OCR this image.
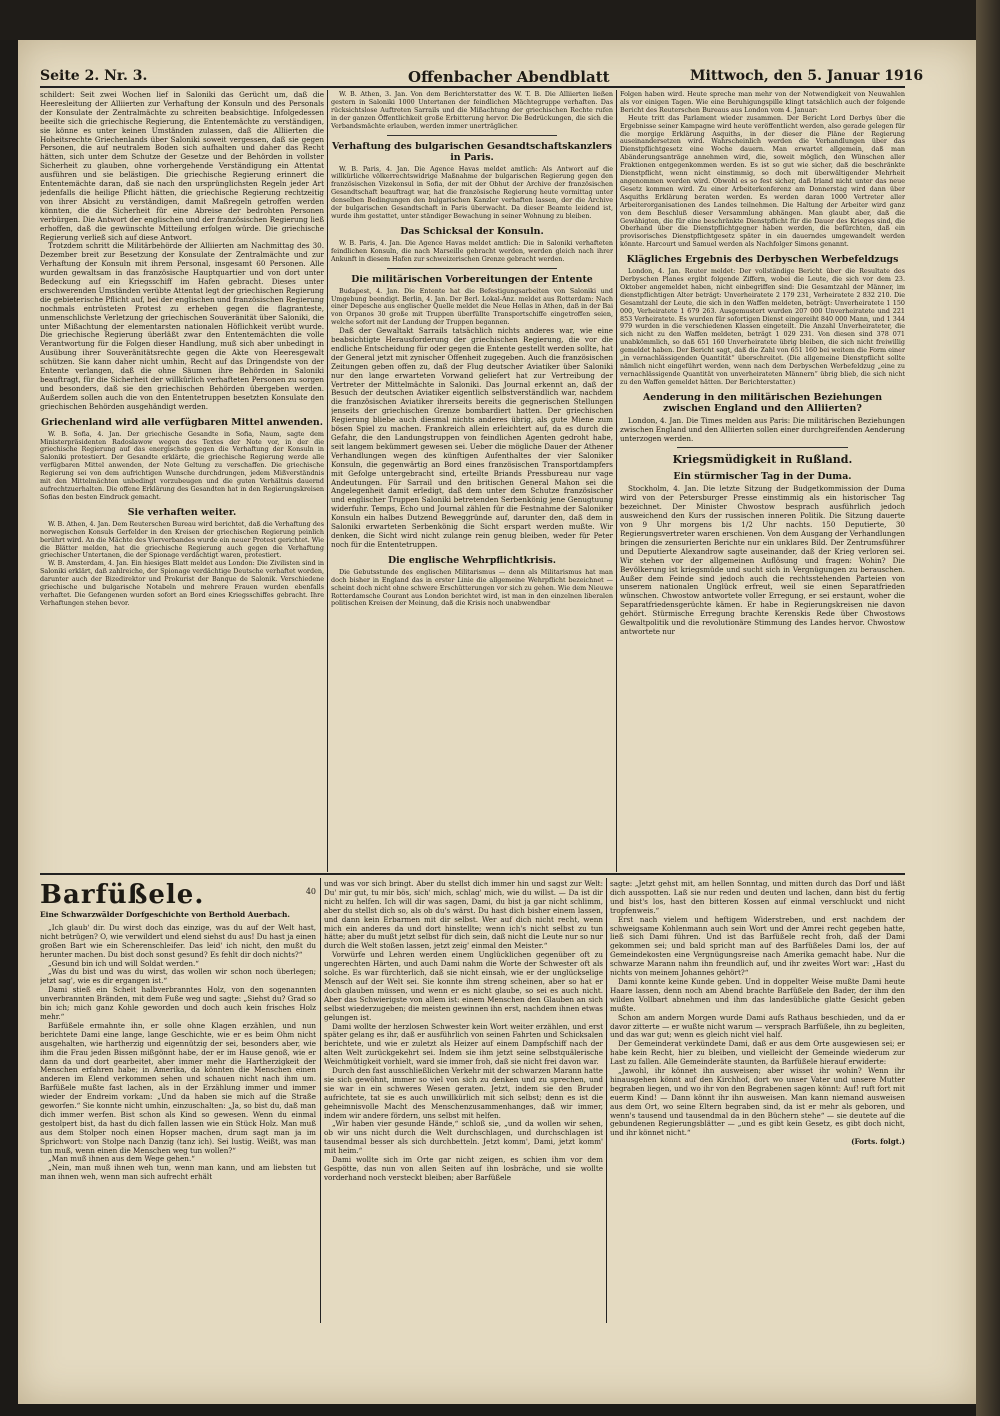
Seite 2. Nr. 3.	Offenbacher Abendblatt	Mittwoch, den 5. Januar 1916

schildert: Seit zwei Wochen lief in Saloniki das Gerücht um, daß die Heeresleitung der Alliierten zur Verhaftung der Konsuln und des Personals der Konsulate der Zentralmächte zu schreiten beabsichtige. Infolgedessen beeilte sich die griechische Regierung, die Ententemächte zu verständigen, sie könne es unter keinen Umständen zulassen, daß die Alliierten die Hoheitsrechte Griechenlands über Saloniki soweit vergessen, daß sie gegen Personen, die auf neutralem Boden sich aufhalten und daher das Recht hätten, sich unter dem Schutze der Gesetze und der Behörden in vollster Sicherheit zu glauben, ohne vorhergehende Verständigung ein Attentat ausführen und sie belästigen. Die griechische Regierung erinnert die Ententemächte daran, daß sie nach den ursprünglichsten Regeln jeder Art jedenfalls die heilige Pflicht hätten, die griechische Regierung rechtzeitig von ihrer Absicht zu verständigen, damit Maßregeln getroffen werden könnten, die die Sicherheit für eine Abreise der bedrohten Personen verbürgen. Die Antwort der englischen und der französischen Regierung ließ erhoffen, daß die gewünschte Mitteilung erfolgen würde. Die griechische Regierung verließ sich auf diese Antwort.

Trotzdem schritt die Militärbehörde der Alliierten am Nachmittag des 30. Dezember breit zur Besetzung der Konsulate der Zentralmächte und zur Verhaftung der Konsuln mit ihrem Personal, insgesamt 60 Personen. Alle wurden gewaltsam in das französische Hauptquartier und von dort unter Bedeckung auf ein Kriegsschiff im Hafen gebracht. Dieses unter erschwerenden Umständen verübte Attentat legt der griechischen Regierung die gebieterische Pflicht auf, bei der englischen und französischen Regierung nochmals entrüsteten Protest zu erheben gegen die flagranteste, unmenschlichste Verletzung der griechischen Souveränität über Saloniki, die unter Mißachtung der elementarsten nationalen Höflichkeit verübt wurde. Die griechische Regierung überläßt zwar den Ententemächten die volle Verantwortung für die Folgen dieser Handlung, muß sich aber unbedingt in Ausübung ihrer Souveränitätsrechte gegen die Akte von Heeresgewalt schützen. Sie kann daher nicht umhin, Recht auf das Dringendste von der Entente verlangen, daß die ohne Säumen ihre Behörden in Saloniki beauftragt, für die Sicherheit der willkürlich verhafteten Personen zu sorgen und besonders, daß sie den griechischen Behörden übergeben werden. Außerdem sollen auch die von den Ententetruppen besetzten Konsulate den griechischen Behörden ausgehändigt werden.

Griechenland wird alle verfügbaren Mittel anwenden.

W. B. Sofia, 4. Jan. Der griechische Gesandte in Sofia, Naum, sagte dem Ministerpräsidenten Radoslawow wegen des Textes der Note vor, in der die griechische Regierung auf das energischste gegen die Verhaftung der Konsuln in Saloniki protestiert. Der Gesandte erklärte, die griechische Regierung werde alle verfügbaren Mittel anwenden, der Note Geltung zu verschaffen. Die griechische Regierung sei von dem aufrichtigen Wunsche durchdrungen, jedem Mißverständnis mit den Mittelmächten unbedingt vorzubeugen und die guten Verhältnis dauernd aufrechtzuerhalten. Die offene Erklärung des Gesandten hat in den Regierungskreisen Sofias den besten Eindruck gemacht.

Sie verhaften weiter.

W. B. Athen, 4. Jan. Dem Reuterschen Bureau wird berichtet, daß die Verhaftung des norwegischen Konsuls Gerfelder in den Kreisen der griechischen Regierung peinlich berührt wird. An die Mächte des Vierverbandes wurde ein neuer Protest gerichtet. Wie die Blätter melden, hat die griechische Regierung auch gegen die Verhaftung griechischer Untertanen, die der Spionage verdächtigt waren, protestiert.

W. B. Amsterdam, 4. Jan. Ein hiesiges Blatt meldet aus London: Die Zivilisten sind in Saloniki erklärt, daß zahlreiche, der Spionage verdächtige Deutsche verhaftet worden, darunter auch der Bizedirektor und Prokurist der Banque de Salonik. Verschiedene griechische und bulgarische Notabeln und mehrere Frauen wurden ebenfalls verhaftet. Die Gefangenen wurden sofort an Bord eines Kriegsschiffes gebracht. Ihre Verhaftungen stehen bevor.

W. B. Athen, 3. Jan. Von dem Berichterstatter des W. T. B. Die Alliierten ließen gestern in Saloniki 1000 Untertanen der feindlichen Mächtegruppe verhaften. Das rücksichtslose Auftreten Sarrails und die Mißachtung der griechischen Rechte rufen in der ganzen Öffentlichkeit große Erbitterung hervor. Die Bedrückungen, die sich die Verbandsmächte erlauben, werden immer unerträglicher.

Verhaftung des bulgarischen Gesandtschaftskanzlers in Paris.

W. B. Paris, 4. Jan. Die Agence Havas meldet amtlich: Als Antwort auf die willkürliche völkerrechtswidrige Maßnahme der bulgarischen Regierung gegen den französischen Vizekonsul in Sofia, der mit der Obhut der Archive der französischen Gesandtschaft beauftragt war, hat die französische Regierung heute vormittag unter denselben Bedingungen den bulgarischen Kanzler verhaften lassen, der die Archive der bulgarischen Gesandtschaft in Paris überwacht. Da dieser Beamte leidend ist, wurde ihm gestattet, unter ständiger Bewachung in seiner Wohnung zu bleiben.

Das Schicksal der Konsuln.

W. B. Paris, 4. Jan. Die Agence Havas meldet amtlich: Die in Saloniki verhafteten feindlichen Konsuln, die nach Marseille gebracht werden, werden gleich nach ihrer Ankunft in diesem Hafen zur schweizerischen Grenze gebracht werden.

Die militärischen Vorbereitungen der Entente

Budapest, 4. Jan. Die Entente hat die Befestigungsarbeiten von Saloniki und Umgebung beendigt. Berlin, 4. Jan. Der Berl. Lokal-Anz. meldet aus Rotterdam: Nach einer Depesche aus englischer Quelle meldet die Neue Hellas in Athen, daß in der Bai von Orpanos 30 große mit Truppen überfüllte Transportschiffe eingetroffen seien, welche sofort mit der Landung der Truppen begannen.

Daß der Gewaltakt Sarrails tatsächlich nichts anderes war, wie eine beabsichtigte Herausforderung der griechischen Regierung, die vor die endliche Entscheidung für oder gegen die Entente gestellt werden sollte, hat der General jetzt mit zynischer Offenheit zugegeben. Auch die französischen Zeitungen geben offen zu, daß der Flug deutscher Aviatiker über Saloniki nur den lange erwarteten Vorwand geliefert hat zur Vertreibung der Vertreter der Mittelmächte in Saloniki. Das Journal erkennt an, daß der Besuch der deutschen Aviatiker eigentlich selbstverständlich war, nachdem die französischen Aviatiker ihrerseits bereits die gegnerischen Stellungen jenseits der griechischen Grenze bombardiert hatten. Der griechischen Regierung bliebe auch diesmal nichts anderes übrig, als gute Miene zum bösen Spiel zu machen. Frankreich allein erleichtert auf, da es durch die Gefahr, die den Landungstruppen von feindlichen Agenten gedroht habe, seit langem bekümmert gewesen sei. Ueber die mögliche Dauer der Athener Verhandlungen wegen des künftigen Aufenthaltes der vier Saloniker Konsuln, die gegenwärtig an Bord eines französischen Transportdampfers mit Gefolge untergebracht sind, erteilte Briands Pressbureau nur vage Andeutungen. Für Sarrail und den britischen General Mahon sei die Angelegenheit damit erledigt, daß dem unter dem Schutze französischer und englischer Truppen Saloniki betretenden Serbenkönig jene Genugtuung widerfuhr. Temps, Echo und Journal zählen für die Festnahme der Saloniker Konsuln ein halbes Dutzend Beweggründe auf, darunter den, daß dem in Saloniki erwarteten Serbenkönig die Sicht erspart werden mußte. Wir denken, die Sicht wird nicht zulange rein genug bleiben, weder für Peter noch für die Ententetruppen.

Die englische Wehrpflichtkrisis.

Die Gebutsstunde des englischen Militarismus — denn als Militarismus hat man doch bisher in England das in erster Linie die allgemeine Wehrpflicht bezeichnet — scheint doch nicht ohne schwere Erschütterungen vor sich zu gehen. Wie dem Nieuwe Rotterdamsche Courant aus London berichtet wird, ist man in den einzelnen liberalen politischen Kreisen der Meinung, daß die Krisis noch unabwendbar

Folgen haben wird. Heute spreche man mehr von der Notwendigkeit von Neuwahlen als vor einigen Tagen. Wie eine Beruhigungspille klingt tatsächlich auch der folgende Bericht des Reuterschen Bureaus aus London vom 4. Januar:

Heute tritt das Parlament wieder zusammen. Der Bericht Lord Derbys über die Ergebnisse seiner Kampagne wird heute veröffentlicht werden, also gerade gelegen für die morgige Erklärung Asquiths, in der dieser die Pläne der Regierung auseinandersetzen wird. Wahrscheinlich werden die Verhandlungen über das Dienstpflichtgesetz eine Woche dauern. Man erwartet allgemein, daß man Abänderungsanträge annehmen wird, die, soweit möglich, den Wünschen aller Fraktionen entgegenkommen werden. Es ist so gut wie sicher, daß die beschränkte Dienstpflicht, wenn nicht einstimmig, so doch mit überwältigender Mehrheit angenommen werden wird. Obwohl es so fest sicher, daß Irland nicht unter das neue Gesetz kommen wird. Zu einer Arbeiterkonferenz am Donnerstag wird dann über Asquiths Erklärung beraten werden. Es werden daran 1000 Vertreter aller Arbeiterorganisationen des Landes teilnehmen. Die Haltung der Arbeiter wird ganz von dem Beschluß dieser Versammlung abhängen. Man glaubt aber, daß die Gewähigten, die für eine beschränkte Dienstpflicht für die Dauer des Krieges sind, die Oberhand über die Dienstpflichtgegner haben werden, die befürchten, daß ein provisorisches Dienstpflichtgesetz später in ein dauerndes umgewandelt werden könnte. Harcourt und Samuel werden als Nachfolger Simons genannt.

Klägliches Ergebnis des Derbyschen Werbefeldzugs

London, 4. Jan. Reuter meldet: Der vollständige Bericht über die Resultate des Derbyschen Planes ergibt folgende Ziffern, wobei die Leute, die sich vor dem 23. Oktober angemeldet haben, nicht einbegriffen sind: Die Gesamtzahl der Männer, im dienstpflichtigen Alter beträgt: Unverheiratete 2 179 231, Verheiratete 2 832 210. Die Gesamtzahl der Leute, die sich in den Waffen meldeten, beträgt: Unverheiratete 1 150 000, Verheiratete 1 679 263. Ausgemustert wurden 207 000 Unverheiratete und 221 853 Verheiratete. Es wurden für sofortigen Dienst eingereiht 840 000 Mann, und 1 344 979 wurden in die verschiedenen Klassen eingeteilt. Die Anzahl Unverheirateter, die sich nicht zu den Waffen meldeten, beträgt 1 029 231. Von diesen sind 378 071 unabkömmlich, so daß 651 160 Unverheiratete übrig bleiben, die sich nicht freiwillig gemeldet haben. Der Bericht sagt, daß die Zahl von 651 160 bei weitem die Form einer „in vernachlässigenden Quantität“ überschreitet. (Die allgemeine Dienstpflicht sollte nämlich nicht eingeführt werden, wenn nach dem Derbyschen Werbefeldzug „eine zu vernachlässigende Quantität von unverheirateten Männern“ übrig blieb, die sich nicht zu den Waffen gemeldet hätten. Der Berichterstatter.)

Aenderung in den militärischen Beziehungen zwischen England und den Alliierten?

London, 4. Jan. Die Times melden aus Paris: Die militärischen Beziehungen zwischen England und den Alliierten sollen einer durchgreifenden Aenderung unterzogen werden.

Kriegsmüdigkeit in Rußland.
Ein stürmischer Tag in der Duma.

Stockholm, 4. Jan. Die letzte Sitzung der Budgetkommission der Duma wird von der Petersburger Presse einstimmig als ein historischer Tag bezeichnet. Der Minister Chwostow besprach ausführlich jedoch ausweichend den Kurs der russischen inneren Politik. Die Sitzung dauerte von 9 Uhr morgens bis 1/2 Uhr nachts. 150 Deputierte, 30 Regierungsvertreter waren erschienen. Von dem Ausgang der Verhandlungen bringen die zensurierten Berichte nur ein unklares Bild. Der Zentrumsführer und Deputierte Alexandrow sagte auseinander, daß der Krieg verloren sei. Wir stehen vor der allgemeinen Auflösung und fragen: Wohin? Die Bevölkerung ist kriegsmüde und sucht sich in Vergnügungen zu berauschen. Außer dem Feinde sind jedoch auch die rechtsstehenden Parteien von unserem nationalen Unglück erfreut, weil sie einen Separatfrieden wünschen. Chwostow antwortete voller Erregung, er sei erstaunt, woher die Separatfriedensgerüchte kämen. Er habe in Regierungskreisen nie davon gehört. Stürmische Erregung brachte Kerenskis Rede über Chwostows Gewaltpolitik und die revolutionäre Stimmung des Landes hervor. Chwostow antwortete nur

Barfüßele.	40
Eine Schwarzwälder Dorfgeschichte von Berthold Auerbach.

„Ich glaub' dir. Du wirst doch das einzige, was du auf der Welt hast, nicht betrügen? O, wie verwildert und elend siehst du aus! Du hast ja einen großen Bart wie ein Scherenschleifer. Das leid' ich nicht, den mußt du herunter machen. Du bist doch sonst gesund? Es fehlt dir doch nichts?“

„Gesund bin ich und will Soldat werden.“

„Was du bist und was du wirst, das wollen wir schon noch überlegen; jetzt sag', wie es dir ergangen ist.“

Dami stieß ein Scheit halbverbranntes Holz, von den sogenannten unverbrannten Bränden, mit dem Fuße weg und sagte: „Siehst du? Grad so bin ich; mich ganz Kohle geworden und doch auch kein frisches Holz mehr.“

Barfüßele ermahnte ihn, er solle ohne Klagen erzählen, und nun berichtete Dami eine lange, lange Geschichte, wie er es beim Ohm nicht ausgehalten, wie hartherzig und eigennützig der sei, besonders aber, wie ihm die Frau jeden Bissen mißgönnt habe, der er im Hause genoß, wie er dann da und dort gearbeitet, aber immer mehr die Hartherzigkeit der Menschen erfahren habe; in Amerika, da könnten die Menschen einen anderen im Elend verkommen sehen und schauen nicht nach ihm um. Barfüßele mußte fast lachen, als in der Erzählung immer und immer wieder der Endreim vorkam: „Und da haben sie mich auf die Straße geworfen.“ Sie konnte nicht umhin, einzuschalten: „Ja, so bist du, daß man dich immer werfen. Bist schon als Kind so gewesen. Wenn du einmal gestolpert bist, da hast du dich fallen lassen wie ein Stück Holz. Man muß aus dem Stolper noch einen Hopser machen, drum sagt man ja im Sprichwort: von Stolpe nach Danzig (tanz ich). Sei lustig. Weißt, was man tun muß, wenn einen die Menschen weg tun wollen?“

„Man muß ihnen aus dem Wege gehen.“

„Nein, man muß ihnen weh tun, wenn man kann, und am liebsten tut man ihnen weh, wenn man sich aufrecht erhält

und was vor sich bringt. Aber du stellst dich immer hin und sagst zur Welt: Du' mir gut, tu mir bös, sich' mich, schlag' mich, wie du willst. — Da ist dir nicht zu helfen. Ich will dir was sagen, Dami, du bist ja gar nicht schlimm, aber du stellst dich so, als ob du's wärst. Du hast dich bisher einem lassen, und dann kein Erbarmen mit dir selbst. Wer auf dich nicht recht, wenn mich ein anderes da und dort hinstellte; wenn ich's nicht selbst zu tun hätte; aber du mußt jetzt selbst für dich sein, daß nicht die Leute nur so nur durch die Welt stoßen lassen, jetzt zeig' einmal den Meister.“

Vorwürfe und Lehren werden einem Unglücklichen gegenüber oft zu ungerechten Härten, und auch Dami nahm die Worte der Schwester oft als solche. Es war fürchterlich, daß sie nicht einsah, wie er der unglückselige Mensch auf der Welt sei. Sie konnte ihm streng scheinen, aber so hat er doch glauben müssen, und wenn er es nicht glaube, so sei es auch nicht. Aber das Schwierigste von allem ist: einem Menschen den Glauben an sich selbst wiederzugeben; die meisten gewinnen ihn erst, nachdem ihnen etwas gelungen ist.

Dami wollte der herzlosen Schwester kein Wort weiter erzählen, und erst später gelang es ihr, daß er ausführlich von seinen Fahrten und Schicksalen berichtete, und wie er zuletzt als Heizer auf einem Dampfschiff nach der alten Welt zurückgekehrt sei. Indem sie ihm jetzt seine selbstquälerische Weichmütigkeit vorhielt, ward sie immer froh, daß sie nicht frei davon war.

Durch den fast ausschließlichen Verkehr mit der schwarzen Marann hatte sie sich gewöhnt, immer so viel von sich zu denken und zu sprechen, und sie war in ein schweres Wesen geraten. Jetzt, indem sie den Bruder aufrichtete, tat sie es auch unwillkürlich mit sich selbst; denn es ist die geheimnisvolle Macht des Menschenzusammenhanges, daß wir immer, indem wir andere fördern, uns selbst mit helfen.

„Wir haben vier gesunde Hände,“ schloß sie, „und da wollen wir sehen, ob wir uns nicht durch die Welt durchschlagen, und durchschlagen ist tausendmal besser als sich durchbetteln. Jetzt komm', Dami, jetzt komm' mit heim.“

Dami wollte sich im Orte gar nicht zeigen, es schien ihm vor dem Gespötte, das nun von allen Seiten auf ihn losbräche, und sie wollte vorderhand noch versteckt bleiben; aber Barfüßele

sagte: „Jetzt gehst mit, am hellen Sonntag, und mitten durch das Dorf und läßt dich ausspotten. Laß sie nur reden und deuten und lachen, dann bist du fertig und bist's los, hast den bitteren Kossen auf einmal verschluckt und nicht tropfenweis.“

Erst nach vielem und heftigem Widerstreben, und erst nachdem der schweigsame Kohlenmann auch sein Wort und der Amrei recht gegeben hatte, ließ sich Dami führen. Und ist das Barfüßele recht froh, daß der Dami gekommen sei; und bald spricht man auf des Barfüßeles Dami los, der auf Gemeindekosten eine Vergnügungsreise nach Amerika gemacht habe. Nur die schwarze Marann nahm ihn freundlich auf, und ihr zweites Wort war: „Hast du nichts von meinem Johannes gehört?“

Dami konnte keine Kunde geben. Und in doppelter Weise mußte Dami heute Haare lassen, denn noch am Abend brachte Barfüßele den Bader, der ihm den wilden Vollbart abnehmen und ihm das landesübliche glatte Gesicht geben mußte.

Schon am andern Morgen wurde Dami aufs Rathaus beschieden, und da er davor zitterte — er wußte nicht warum — versprach Barfüßele, ihn zu begleiten, und das war gut; wenn es gleich nicht viel half.

Der Gemeinderat verkündete Dami, daß er aus dem Orte ausgewiesen sei; er habe kein Recht, hier zu bleiben, und vielleicht der Gemeinde wiederum zur Last zu fallen. Alle Gemeinderäte staunten, da Barfüßele hierauf erwiderte:

„Jawohl, ihr könnet ihn ausweisen; aber wisset ihr wohin? Wenn ihr hinausgehen könnt auf den Kirchhof, dort wo unser Vater und unsere Mutter begraben liegen, und wo ihr von den Begrabenen sagen könnt: Auf! ruft fort mit euerm Kind! — Dann könnt ihr ihn ausweisen. Man kann niemand ausweisen aus dem Ort, wo seine Eltern begraben sind, da ist er mehr als geboren, und wenn's tausend und tausendmal da in den Büchern stehe“ — sie deutete auf die gebundenen Regierungsblätter — „und es gibt kein Gesetz, es gibt doch nicht, und ihr könnet nicht.“

(Forts. folgt.)
